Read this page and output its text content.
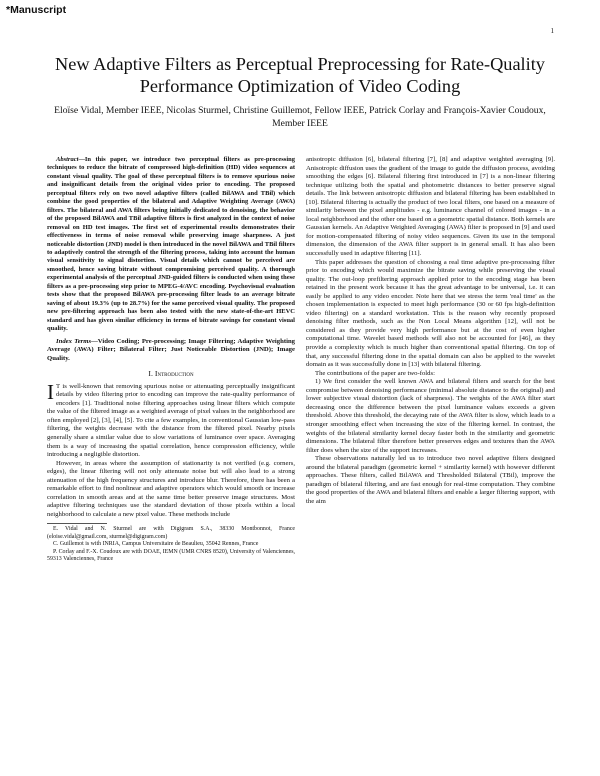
*Manuscript
1
New Adaptive Filters as Perceptual Preprocessing for Rate-Quality Performance Optimization of Video Coding
Eloïse Vidal, Member IEEE, Nicolas Sturmel, Christine Guillemot, Fellow IEEE, Patrick Corlay and François-Xavier Coudoux, Member IEEE

Abstract—In this paper, we introduce two perceptual filters as pre-processing techniques to reduce the bitrate of compressed high-definition (HD) video sequences at constant visual quality. The goal of these perceptual filters is to remove spurious noise and insignificant details from the original video prior to encoding. The proposed perceptual filters rely on two novel adaptive filters (called BilAWA and TBil) which combine the good properties of the bilateral and Adaptive Weighting Average (AWA) filters. The bilateral and AWA filters being initially dedicated to denoising, the behavior of the proposed BilAWA and TBil adaptive filters is first analyzed in the context of noise removal on HD test images. The first set of experimental results demonstrates their effectiveness in terms of noise removal while preserving image sharpness. A just noticeable distortion (JND) model is then introduced in the novel BilAWA and TBil filters to adaptively control the strength of the filtering process, taking into account the human visual sensitivity to signal distortion. Visual details which cannot be perceived are smoothed, hence saving bitrate without compromising perceived quality. A thorough experimental analysis of the perceptual JND-guided filters is conducted when using these filters as a pre-processing step prior to MPEG-4/AVC encoding. Psychovisual evaluation tests show that the proposed BilAWA pre-processing filter leads to an average bitrate saving of about 19.3% (up to 28.7%) for the same perceived visual quality. The proposed new pre-filtering approach has been also tested with the new state-of-the-art HEVC standard and has given similar efficiency in terms of bitrate savings for constant visual quality.

Index Terms—Video Coding; Pre-processing; Image Filtering; Adaptive Weighting Average (AWA) Filter; Bilateral Filter; Just Noticeable Distortion (JND); Image Quality.

I. Introduction

I T is well-known that removing spurious noise or attenuating perceptually insignificant details by video filtering prior to encoding can improve the rate-quality performance of encoders [1]. Traditional noise filtering approaches using linear filters which compute the value of the filtered image as a weighted average of pixel values in the neighborhood are often employed [2], [3], [4], [5]. To cite a few examples, in conventional Gaussian low-pass filtering, the weights decrease with the distance from the filtered pixel. Nearby pixels generally share a similar value due to slow variations of luminance over space. Averaging them is a way of increasing the spatial correlation, hence compression efficiency, while introducing a negligible distortion.

However, in areas where the assumption of stationarity is not verified (e.g. corners, edges), the linear filtering will not only attenuate noise but will also lead to a strong attenuation of the high frequency structures and introduce blur. Therefore, there has been a remarkable effort to find nonlinear and adaptive operators which would smooth or increase correlation in smooth areas and at the same time better preserve image structures. Most adaptive filtering techniques use the standard deviation of those pixels within a local neighborhood to calculate a new pixel value. These methods include

E. Vidal and N. Sturmel are with Digigram S.A., 38330 Montbonnot, France (eloise.vidal@gmail.com, sturmel@digigram.com)

C. Guillemot is with INRIA, Campus Universitaire de Beaulieu, 35042 Rennes, France

P. Corlay and F.-X. Coudoux are with DOAE, IEMN (UMR CNRS 8520), University of Valenciennes, 59313 Valenciennes, France

anisotropic diffusion [6], bilateral filtering [7], [8] and adaptive weighted averaging [9]. Anisotropic diffusion uses the gradient of the image to guide the diffusion process, avoiding smoothing the edges [6]. Bilateral filtering first introduced in [7] is a non-linear filtering technique utilizing both the spatial and photometric distances to better preserve signal details. The link between anisotropic diffusion and bilateral filtering has been established in [10]. Bilateral filtering is actually the product of two local filters, one based on a measure of similarity between the pixel amplitudes - e.g. luminance channel of colored images - in a local neighborhood and the other one based on a geometric spatial distance. Both kernels are Gaussian kernels. An Adaptive Weighted Averaging (AWA) filter is proposed in [9] and used for motion-compensated filtering of noisy video sequences. Given its use in the temporal dimension, the dimension of the AWA filter support is in general small. It has also been successfully used in adaptive filtering [11].

This paper addresses the question of choosing a real time adaptive pre-processing filter prior to encoding which would maximize the bitrate saving while preserving the visual quality. The out-loop prefiltering approach applied prior to the encoding stage has been retained in the present work because it has the great advantage to be universal, i.e. it can easily be applied to any video encoder. Note here that we stress the term 'real time' as the chosen implementation is expected to meet high performance (30 or 60 fps high-definition video filtering) on a standard workstation. This is the reason why recently proposed denoising filter methods, such as the Non Local Means algorithm [12], will not be considered as they provide very high performance but at the cost of even higher computational time. Wavelet based methods will also not be accounted for [46], as they provide a complexity which is much higher than conventional spatial filtering. On top of that, any successful filtering done in the spatial domain can also be applied to the wavelet domain as it was successfully done in [13] with bilateral filtering.

The contributions of the paper are two-folds:

1) We first consider the well known AWA and bilateral filters and search for the best compromise between denoising performance (minimal absolute distance to the original) and lower subjective visual distortion (lack of sharpness). The weights of the AWA filter start decreasing once the difference between the pixel luminance values exceeds a given threshold. Above this threshold, the decaying rate of the AWA filter is slow, which leads to a stronger smoothing effect when increasing the size of the filtering kernel. In contrast, the weights of the bilateral similarity kernel decay faster both in the similarity and geometric dimensions. The bilateral filter therefore better preserves edges and textures than the AWA filter does when the size of the support increases.

These observations naturally led us to introduce two novel adaptive filters designed around the bilateral paradigm (geometric kernel + similarity kernel) with however different approaches. These filters, called BilAWA and Thresholded Bilateral (TBil), improve the paradigm of bilateral filtering, and are fast enough for real-time computation. They combine the good properties of the AWA and bilateral filters and enable a larger filtering support, with the aim
